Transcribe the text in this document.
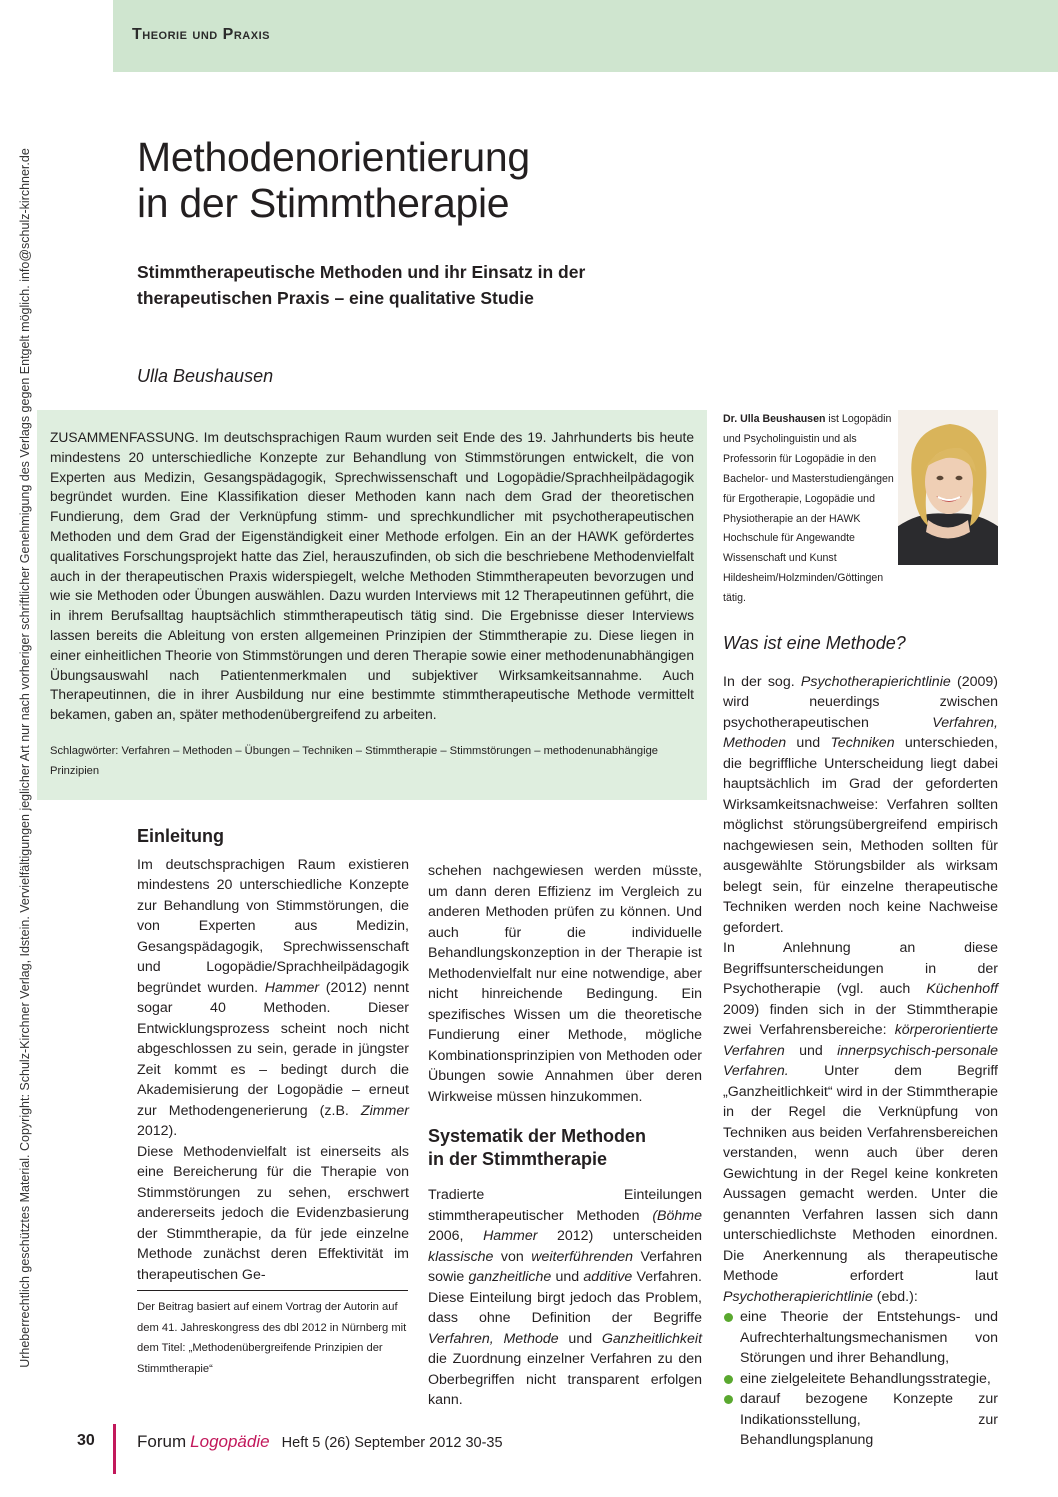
Theorie und Praxis
Urheberrechtlich geschütztes Material. Copyright: Schulz-Kirchner Verlag, Idstein. Vervielfältigungen jeglicher Art nur nach vorheriger schriftlicher Genehmigung des Verlags gegen Entgelt möglich. info@schulz-kirchner.de	Methodenorientierung
in der Stimmtherapie
Stimmtherapeutische Methoden und ihr Einsatz in der
therapeutischen Praxis – eine qualitative Studie
Ulla Beushausen
ZUSAMMENFASSUNG. Im deutschsprachigen Raum wurden seit Ende des 19. Jahrhunderts bis heute mindestens 20 unterschiedliche Konzepte zur Behandlung von Stimmstörungen entwickelt, die von Experten aus Medizin, Gesangspädagogik, Sprechwissenschaft und Logopädie/Sprachheilpädagogik begründet wurden. Eine Klassifikation dieser Methoden kann nach dem Grad der theoretischen Fundierung, dem Grad der Verknüpfung stimm- und sprechkundlicher mit psychotherapeutischen Methoden und dem Grad der Eigenständigkeit einer Methode erfolgen. Ein an der HAWK gefördertes qualitatives Forschungsprojekt hatte das Ziel, herauszufinden, ob sich die beschriebene Methodenvielfalt auch in der therapeutischen Praxis widerspiegelt, welche Methoden Stimmtherapeuten bevorzugen und wie sie Methoden oder Übungen auswählen. Dazu wurden Interviews mit 12 Therapeutinnen geführt, die in ihrem Berufsalltag hauptsächlich stimmtherapeutisch tätig sind. Die Ergebnisse dieser Interviews lassen bereits die Ableitung von ersten allgemeinen Prinzipien der Stimmtherapie zu. Diese liegen in einer einheitlichen Theorie von Stimmstörungen und deren Therapie sowie einer methodenunabhängigen Übungsauswahl nach Patientenmerkmalen und subjektiver Wirksamkeitsannahme. Auch Therapeutinnen, die in ihrer Ausbildung nur eine bestimmte stimmtherapeutische Methode vermittelt bekamen, gaben an, später methodenübergreifend zu arbeiten.
Schlagwörter: Verfahren – Methoden – Übungen – Techniken – Stimmtherapie – Stimmstörungen – methodenunabhängige Prinzipien
Dr. Ulla Beushausen ist Logopädin und Psycholinguistin und als Professorin für Logopädie in den Bachelor- und Masterstudiengängen für Ergotherapie, Logopädie und Physiotherapie an der HAWK Hochschule für Angewandte Wissenschaft und Kunst Hildesheim/Holzminden/Göttingen tätig.
Einleitung

Im deutschsprachigen Raum existieren mindestens 20 unterschiedliche Konzepte zur Behandlung von Stimmstörungen, die von Experten aus Medizin, Gesangspädagogik, Sprechwissenschaft und Logopädie/Sprachheilpädagogik begründet wurden. Hammer (2012) nennt sogar 40 Methoden. Dieser Entwicklungsprozess scheint noch nicht abgeschlossen zu sein, gerade in jüngster Zeit kommt es – bedingt durch die Akademisierung der Logopädie – erneut zur Methodengenerierung (z.B. Zimmer 2012).

Diese Methodenvielfalt ist einerseits als eine Bereicherung für die Therapie von Stimmstörungen zu sehen, erschwert andererseits jedoch die Evidenzbasierung der Stimmtherapie, da für jede einzelne Methode zunächst deren Effektivität im therapeutischen Ge-

Der Beitrag basiert auf einem Vortrag der Autorin auf dem 41. Jahreskongress des dbl 2012 in Nürnberg mit dem Titel: „Methodenübergreifende Prinzipien der Stimmtherapie“

schehen nachgewiesen werden müsste, um dann deren Effizienz im Vergleich zu anderen Methoden prüfen zu können. Und auch für die individuelle Behandlungskonzeption in der Therapie ist Methodenvielfalt nur eine notwendige, aber nicht hinreichende Bedingung. Ein spezifisches Wissen um die theoretische Fundierung einer Methode, mögliche Kombinationsprinzipien von Methoden oder Übungen sowie Annahmen über deren Wirkweise müssen hinzukommen.

Systematik der Methoden
in der Stimmtherapie

Tradierte Einteilungen stimmtherapeutischer Methoden (Böhme 2006, Hammer 2012) unterscheiden klassische von weiterführenden Verfahren sowie ganzheitliche und additive Verfahren. Diese Einteilung birgt jedoch das Problem, dass ohne Definition der Begriffe Verfahren, Methode und Ganzheitlichkeit die Zuordnung einzelner Verfahren zu den Oberbegriffen nicht transparent erfolgen kann.

Was ist eine Methode?

In der sog. Psychotherapierichtlinie (2009) wird neuerdings zwischen psychotherapeutischen Verfahren, Methoden und Techniken unterschieden, die begriffliche Unterscheidung liegt dabei hauptsächlich im Grad der geforderten Wirksamkeitsnachweise: Verfahren sollten möglichst störungsübergreifend empirisch nachgewiesen sein, Methoden sollten für ausgewählte Störungsbilder als wirksam belegt sein, für einzelne therapeutische Techniken werden noch keine Nachweise gefordert.

In Anlehnung an diese Begriffsunterscheidungen in der Psychotherapie (vgl. auch Küchenhoff 2009) finden sich in der Stimmtherapie zwei Verfahrensbereiche: körperorientierte Verfahren und innerpsychisch-personale Verfahren. Unter dem Begriff „Ganzheitlichkeit“ wird in der Stimmtherapie in der Regel die Verknüpfung von Techniken aus beiden Verfahrensbereichen verstanden, wenn auch über deren Gewichtung in der Regel keine konkreten Aussagen gemacht werden. Unter die genannten Verfahren lassen sich dann unterschiedlichste Methoden einordnen. Die Anerkennung als therapeutische Methode erfordert laut Psychotherapierichtlinie (ebd.):

eine Theorie der Entstehungs- und Aufrechterhaltungsmechanismen von Störungen und ihrer Behandlung,
eine zielgeleitete Behandlungsstrategie,
darauf bezogene Konzepte zur Indikationsstellung, zur Behandlungsplanung
30 Forum Logopädie Heft 5 (26) September 2012 30-35
